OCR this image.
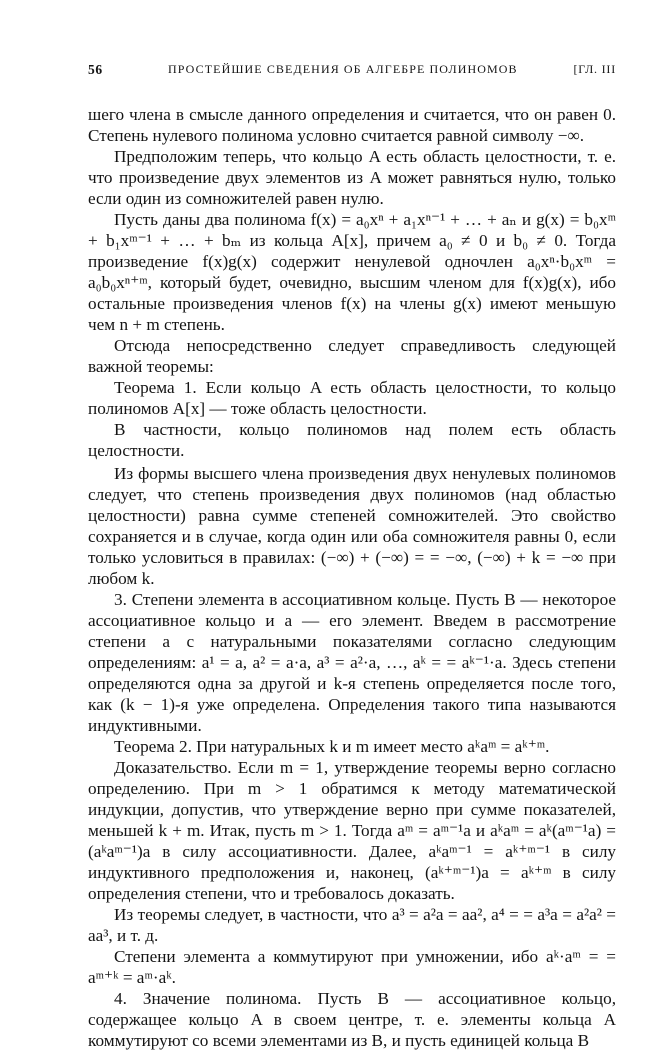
56	ПРОСТЕЙШИЕ СВЕДЕНИЯ ОБ АЛГЕБРЕ ПОЛИНОМОВ	[ГЛ. III

шего члена в смысле данного определения и считается, что он равен 0. Степень нулевого полинома условно считается равной символу −∞.

Предположим теперь, что кольцо A есть область целостности, т. е. что произведение двух элементов из A может равняться нулю, только если один из сомножителей равен нулю.

Пусть даны два полинома f(x) = a₀xⁿ + a₁xⁿ⁻¹ + … + aₙ и g(x) = b₀xᵐ + b₁xᵐ⁻¹ + … + bₘ из кольца A[x], причем a₀ ≠ 0 и b₀ ≠ 0. Тогда произведение f(x)g(x) содержит ненулевой одночлен a₀xⁿ·b₀xᵐ = a₀b₀xⁿ⁺ᵐ, который будет, очевидно, высшим членом для f(x)g(x), ибо остальные произведения членов f(x) на члены g(x) имеют меньшую чем n + m степень.

Отсюда непосредственно следует справедливость следующей важной теоремы:

Теорема 1. Если кольцо A есть область целостности, то кольцо полиномов A[x] — тоже область целостности.

В частности, кольцо полиномов над полем есть область целостности.

Из формы высшего члена произведения двух ненулевых полиномов следует, что степень произведения двух полиномов (над областью целостности) равна сумме степеней сомножителей. Это свойство сохраняется и в случае, когда один или оба сомножителя равны 0, если только условиться в правилах: (−∞) + (−∞) = = −∞, (−∞) + k = −∞ при любом k.

3. Степени элемента в ассоциативном кольце. Пусть B — некоторое ассоциативное кольцо и a — его элемент. Введем в рассмотрение степени a с натуральными показателями согласно следующим определениям: a¹ = a, a² = a·a, a³ = a²·a, …, aᵏ = = aᵏ⁻¹·a. Здесь степени определяются одна за другой и k-я степень определяется после того, как (k − 1)-я уже определена. Определения такого типа называются индуктивными.

Теорема 2. При натуральных k и m имеет место aᵏaᵐ = aᵏ⁺ᵐ.

Доказательство. Если m = 1, утверждение теоремы верно согласно определению. При m > 1 обратимся к методу математической индукции, допустив, что утверждение верно при сумме показателей, меньшей k + m. Итак, пусть m > 1. Тогда aᵐ = aᵐ⁻¹a и aᵏaᵐ = aᵏ(aᵐ⁻¹a) = (aᵏaᵐ⁻¹)a в силу ассоциативности. Далее, aᵏaᵐ⁻¹ = aᵏ⁺ᵐ⁻¹ в силу индуктивного предположения и, наконец, (aᵏ⁺ᵐ⁻¹)a = aᵏ⁺ᵐ в силу определения степени, что и требовалось доказать.

Из теоремы следует, в частности, что a³ = a²a = aa², a⁴ = = a³a = a²a² = aa³, и т. д.

Степени элемента a коммутируют при умножении, ибо aᵏ·aᵐ = = aᵐ⁺ᵏ = aᵐ·aᵏ.

4. Значение полинома. Пусть B — ассоциативное кольцо, содержащее кольцо A в своем центре, т. е. элементы кольца A коммутируют со всеми элементами из B, и пусть единицей кольца B
